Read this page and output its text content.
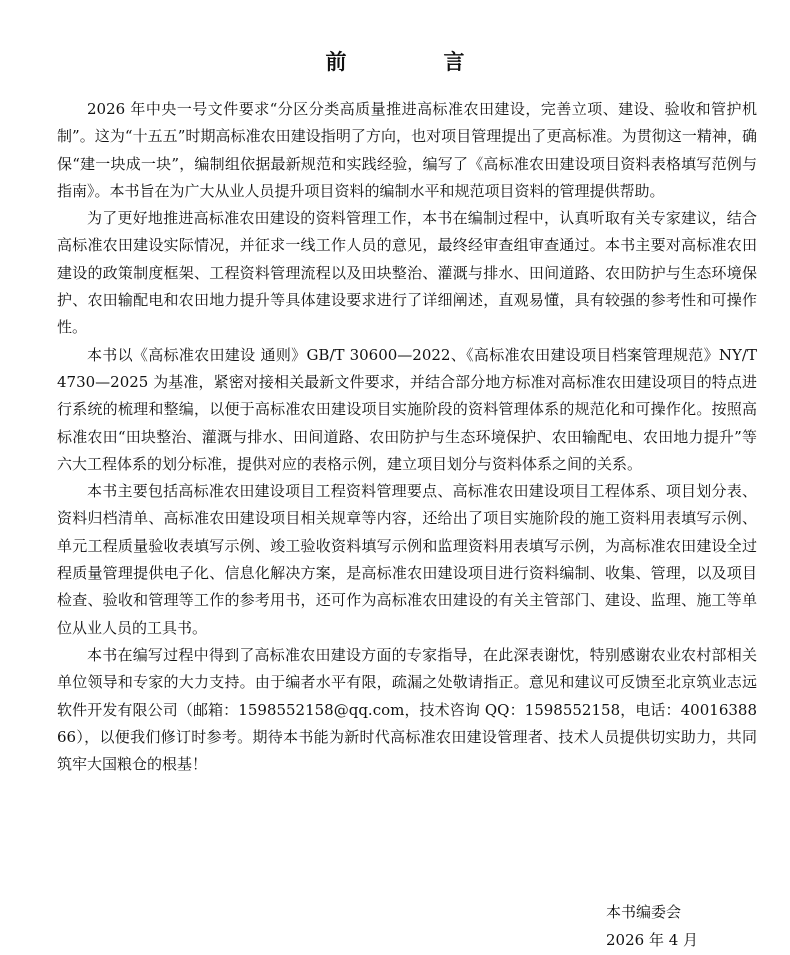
前　言

2026 年中央一号文件要求“分区分类高质量推进高标准农田建设，完善立项、建设、验收和管护机制”。这为“十五五”时期高标准农田建设指明了方向，也对项目管理提出了更高标准。为贯彻这一精神，确保“建一块成一块”，编制组依据最新规范和实践经验，编写了《高标准农田建设项目资料表格填写范例与指南》。本书旨在为广大从业人员提升项目资料的编制水平和规范项目资料的管理提供帮助。

为了更好地推进高标准农田建设的资料管理工作，本书在编制过程中，认真听取有关专家建议，结合高标准农田建设实际情况，并征求一线工作人员的意见，最终经审查组审查通过。本书主要对高标准农田建设的政策制度框架、工程资料管理流程以及田块整治、灌溉与排水、田间道路、农田防护与生态环境保护、农田输配电和农田地力提升等具体建设要求进行了详细阐述，直观易懂，具有较强的参考性和可操作性。

本书以《高标准农田建设 通则》GB/T 30600—2022、《高标准农田建设项目档案管理规范》NY/T 4730—2025 为基准，紧密对接相关最新文件要求，并结合部分地方标准对高标准农田建设项目的特点进行系统的梳理和整编，以便于高标准农田建设项目实施阶段的资料管理体系的规范化和可操作化。按照高标准农田“田块整治、灌溉与排水、田间道路、农田防护与生态环境保护、农田输配电、农田地力提升”等六大工程体系的划分标准，提供对应的表格示例，建立项目划分与资料体系之间的关系。

本书主要包括高标准农田建设项目工程资料管理要点、高标准农田建设项目工程体系、项目划分表、资料归档清单、高标准农田建设项目相关规章等内容，还给出了项目实施阶段的施工资料用表填写示例、单元工程质量验收表填写示例、竣工验收资料填写示例和监理资料用表填写示例，为高标准农田建设全过程质量管理提供电子化、信息化解决方案，是高标准农田建设项目进行资料编制、收集、管理，以及项目检查、验收和管理等工作的参考用书，还可作为高标准农田建设的有关主管部门、建设、监理、施工等单位从业人员的工具书。

本书在编写过程中得到了高标准农田建设方面的专家指导，在此深表谢忱，特别感谢农业农村部相关单位领导和专家的大力支持。由于编者水平有限，疏漏之处敬请指正。意见和建议可反馈至北京筑业志远软件开发有限公司（邮箱：1598552158@qq.com，技术咨询 QQ：1598552158，电话：4001638866），以便我们修订时参考。期待本书能为新时代高标准农田建设管理者、技术人员提供切实助力，共同筑牢大国粮仓的根基！

本书编委会
2026 年 4 月
